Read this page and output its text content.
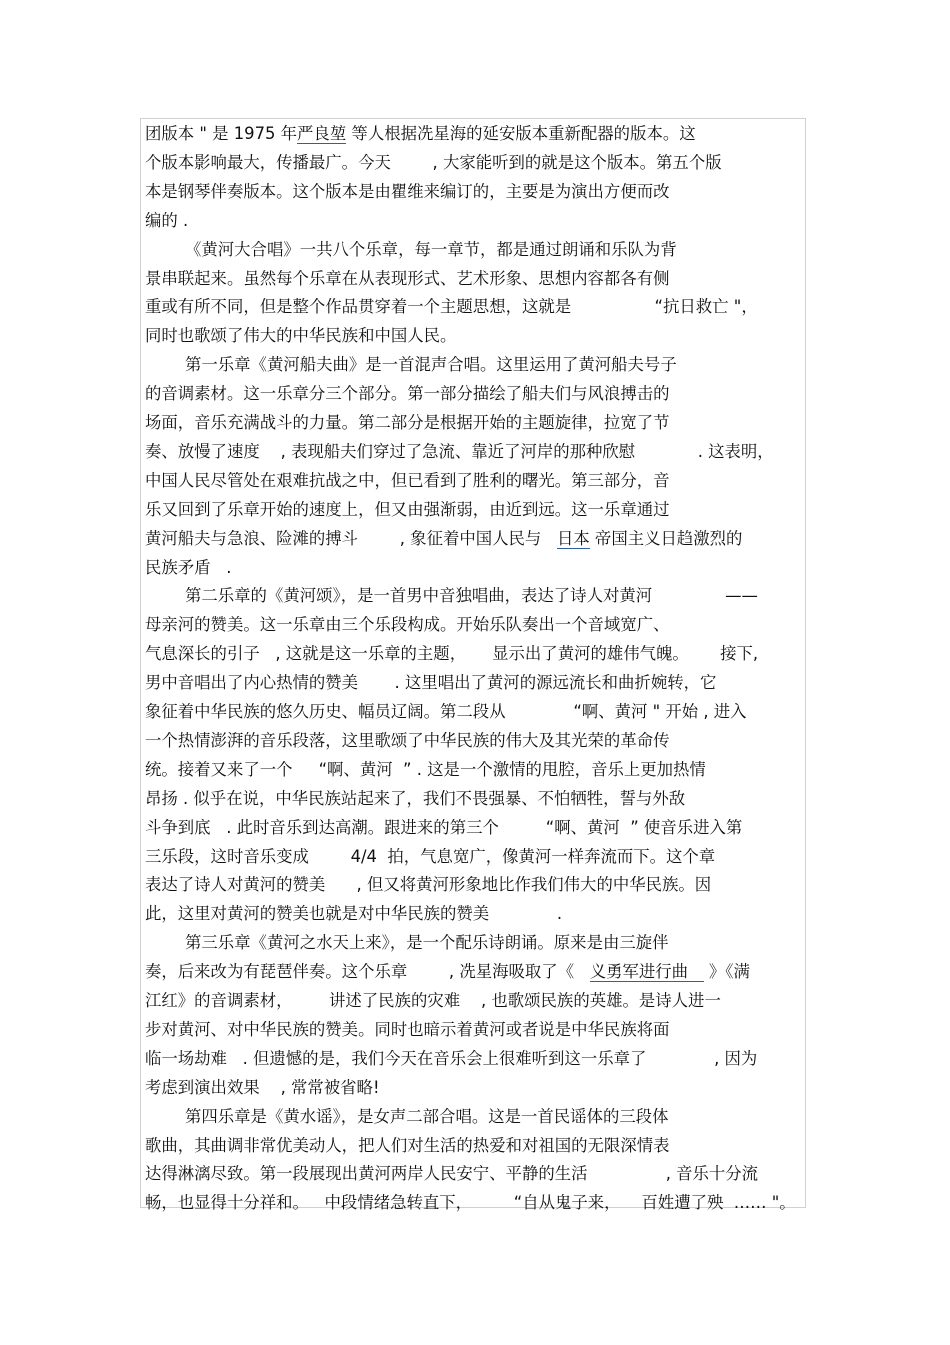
团版本 " 是 1975 年严良堃 等人根据冼星海的延安版本重新配器的版本。这
个版本影响最大，传播最广。今天        , 大家能听到的就是这个版本。第五个版
本是钢琴伴奏版本。这个版本是由瞿维来编订的，主要是为演出方便而改
编的 .
《黄河大合唱》一共八个乐章，每一章节，都是通过朗诵和乐队为背
景串联起来。虽然每个乐章在从表现形式、艺术形象、思想内容都各有侧
重或有所不同，但是整个作品贯穿着一个主题思想，这就是                “抗日救亡 "，
同时也歌颂了伟大的中华民族和中国人民。
第一乐章《黄河船夫曲》是一首混声合唱。这里运用了黄河船夫号子
的音调素材。这一乐章分三个部分。第一部分描绘了船夫们与风浪搏击的
场面，音乐充满战斗的力量。第二部分是根据开始的主题旋律，拉宽了节
奏、放慢了速度    , 表现船夫们穿过了急流、靠近了河岸的那种欣慰            . 这表明，
中国人民尽管处在艰难抗战之中，但已看到了胜利的曙光。第三部分，音
乐又回到了乐章开始的速度上，但又由强渐弱，由近到远。这一乐章通过
黄河船夫与急浪、险滩的搏斗        , 象征着中国人民与   日本 帝国主义日趋激烈的
民族矛盾   .
第二乐章的《黄河颂》，是一首男中音独唱曲，表达了诗人对黄河              ——
母亲河的赞美。这一乐章由三个乐段构成。开始乐队奏出一个音域宽广、
气息深长的引子   , 这就是这一乐章的主题，     显示出了黄河的雄伟气魄。      接下,
男中音唱出了内心热情的赞美       . 这里唱出了黄河的源远流长和曲折婉转，它
象征着中华民族的悠久历史、幅员辽阔。第二段从             “啊、黄河 " 开始 , 进入
一个热情澎湃的音乐段落，这里歌颂了中华民族的伟大及其光荣的革命传
统。接着又来了一个     “啊、黄河  ” . 这是一个激情的甩腔，音乐上更加热情
昂扬 . 似乎在说，中华民族站起来了，我们不畏强暴、不怕牺牲，誓与外敌
斗争到底   . 此时音乐到达高潮。跟进来的第三个         “啊、黄河  ” 使音乐进入第
三乐段，这时音乐变成        4/4  拍，气息宽广，像黄河一样奔流而下。这个章
表达了诗人对黄河的赞美      , 但又将黄河形象地比作我们伟大的中华民族。因
此，这里对黄河的赞美也就是对中华民族的赞美             .
第三乐章《黄河之水天上来》，是一个配乐诗朗诵。原来是由三旋伴
奏，后来改为有琵琶伴奏。这个乐章        , 冼星海吸取了《   义勇军进行曲    》《满
江红》的音调素材，       讲述了民族的灾难    , 也歌颂民族的英雄。是诗人进一
步对黄河、对中华民族的赞美。同时也暗示着黄河或者说是中华民族将面
临一场劫难   . 但遗憾的是，我们今天在音乐会上很难听到这一乐章了             , 因为
考虑到演出效果    , 常常被省略!
第四乐章是《黄水谣》，是女声二部合唱。这是一首民谣体的三段体
歌曲，其曲调非常优美动人，把人们对生活的热爱和对祖国的无限深情表
达得淋漓尽致。第一段展现出黄河两岸人民安宁、平静的生活               , 音乐十分流
畅，也显得十分祥和。   中段情绪急转直下，        “自从鬼子来，    百姓遭了殃  …… "。
